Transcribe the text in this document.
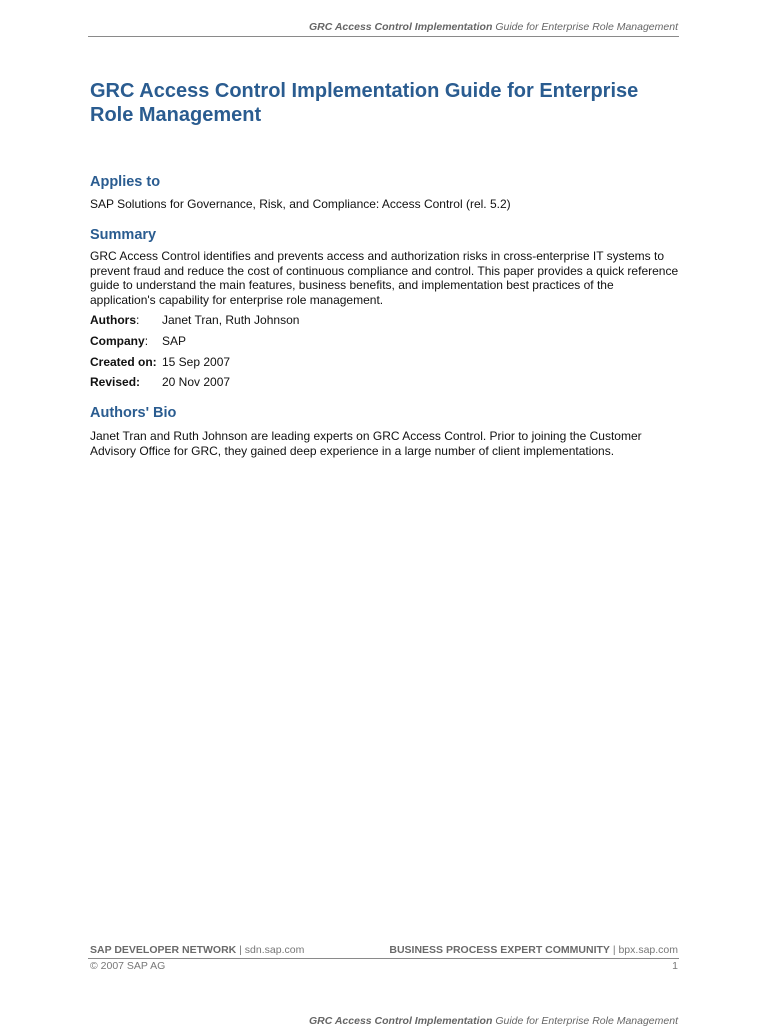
GRC Access Control Implementation Guide for Enterprise Role Management
GRC Access Control Implementation Guide for Enterprise Role Management
Applies to

SAP Solutions for Governance, Risk, and Compliance: Access Control (rel. 5.2)

Summary

GRC Access Control identifies and prevents access and authorization risks in cross-enterprise IT systems to prevent fraud and reduce the cost of continuous compliance and control. This paper provides a quick reference guide to understand the main features, business benefits, and implementation best practices of the application's capability for enterprise role management.

Authors: Janet Tran, Ruth Johnson
Company: SAP
Created on: 15 Sep 2007
Revised: 20 Nov 2007
Authors' Bio

Janet Tran and Ruth Johnson are leading experts on GRC Access Control. Prior to joining the Customer Advisory Office for GRC, they gained deep experience in a large number of client implementations.

SAP DEVELOPER NETWORK | sdn.sap.com	BUSINESS PROCESS EXPERT COMMUNITY | bpx.sap.com
© 2007 SAP AG	1
GRC Access Control Implementation Guide for Enterprise Role Management
